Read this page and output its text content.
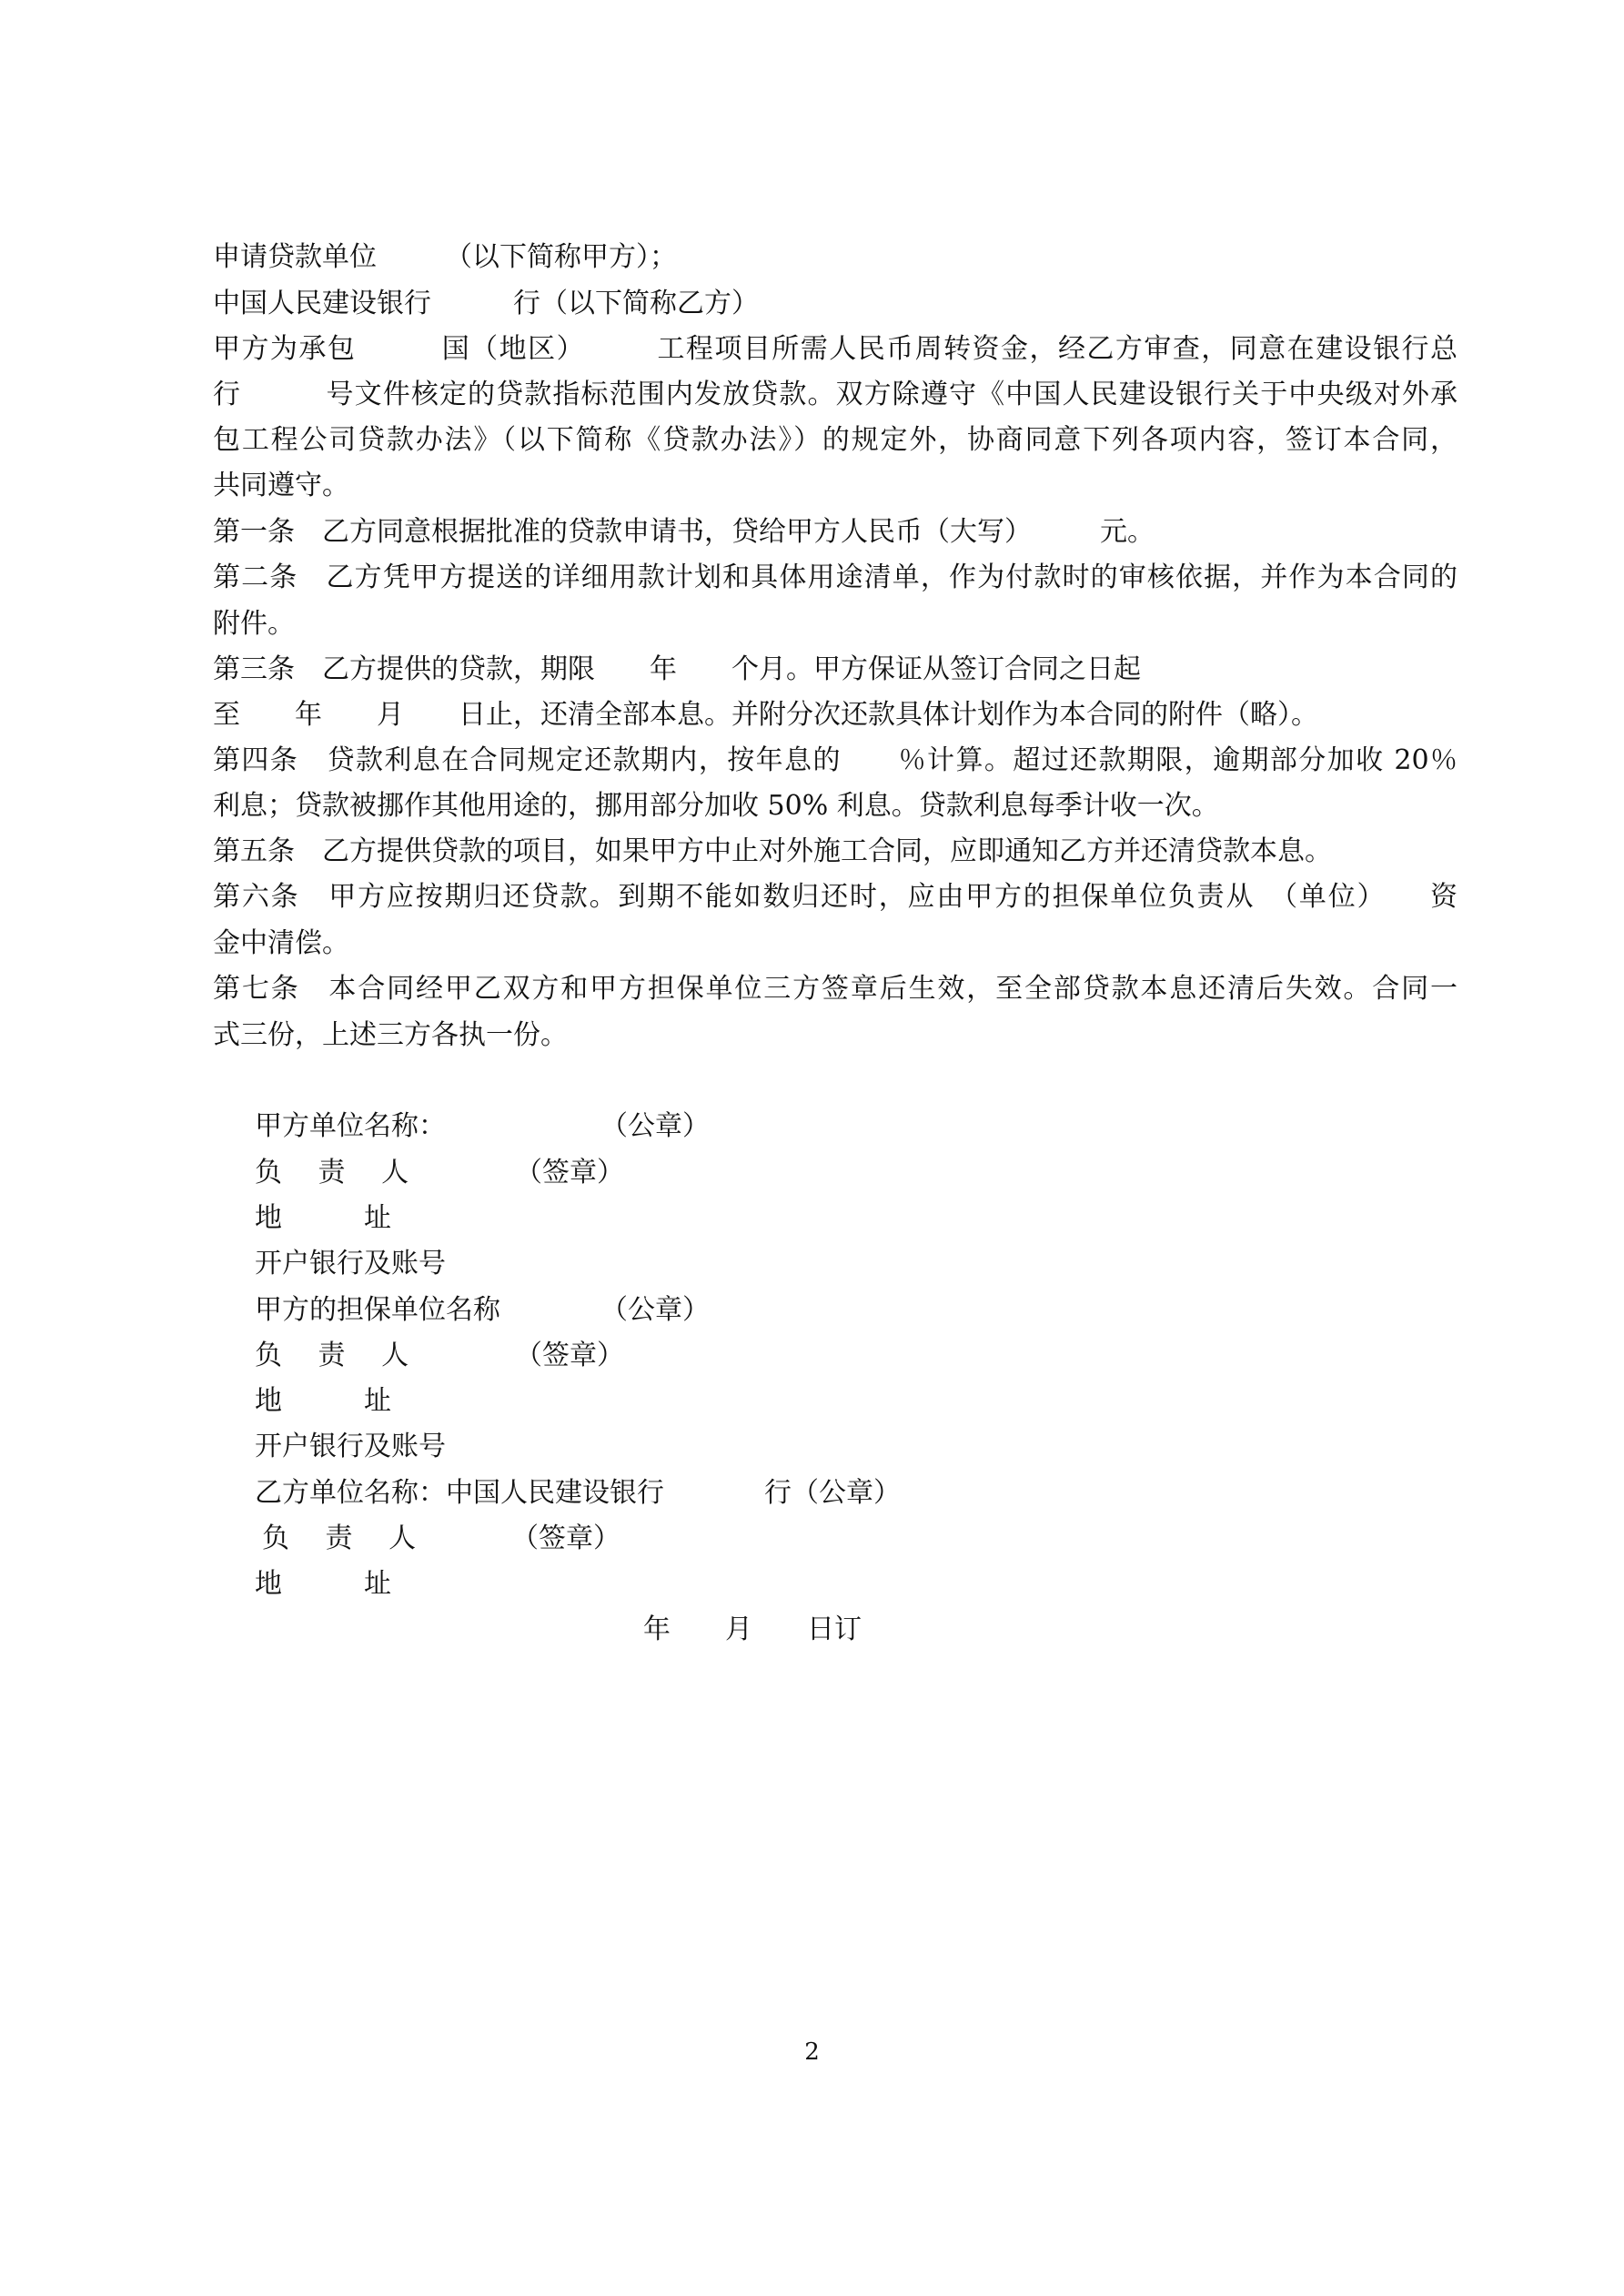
申请贷款单位　　　（以下简称甲方）；
中国人民建设银行　　　行（以下简称乙方）
甲方为承包　　　国（地区）　　　工程项目所需人民币周转资金，经乙方审查，同意在建设银行总
行　　　号文件核定的贷款指标范围内发放贷款。双方除遵守《中国人民建设银行关于中央级对外承
包工程公司贷款办法》（以下简称《贷款办法》）的规定外，协商同意下列各项内容，签订本合同，
共同遵守。
第一条　乙方同意根据批准的贷款申请书，贷给甲方人民币（大写）　　　元。
第二条　乙方凭甲方提送的详细用款计划和具体用途清单，作为付款时的审核依据，并作为本合同的
附件。
第三条　乙方提供的贷款，期限　　年　　个月。甲方保证从签订合同之日起
至　　年　　月　　日止，还清全部本息。并附分次还款具体计划作为本合同的附件（略）。
第四条　贷款利息在合同规定还款期内，按年息的　　％计算。超过还款期限，逾期部分加收 20％
利息；贷款被挪作其他用途的，挪用部分加收 50% 利息。贷款利息每季计收一次。
第五条　乙方提供贷款的项目，如果甲方中止对外施工合同，应即通知乙方并还清贷款本息。
第六条　甲方应按期归还贷款。到期不能如数归还时，应由甲方的担保单位负责从　（单位）　　资
金中清偿。
第七条　本合同经甲乙双方和甲方担保单位三方签章后生效，至全部贷款本息还清后失效。合同一
式三份，上述三方各执一份。
甲方单位名称：	（公章）
负　 责　 人	（签章）
地　　　址
开户银行及账号
甲方的担保单位名称	（公章）
负　 责　 人	（签章）
地　　　址
开户银行及账号
乙方单位名称：中国人民建设银行	行（公章）
负　 责　 人	（签章）
地　　　址
年　　月　　日订
2
